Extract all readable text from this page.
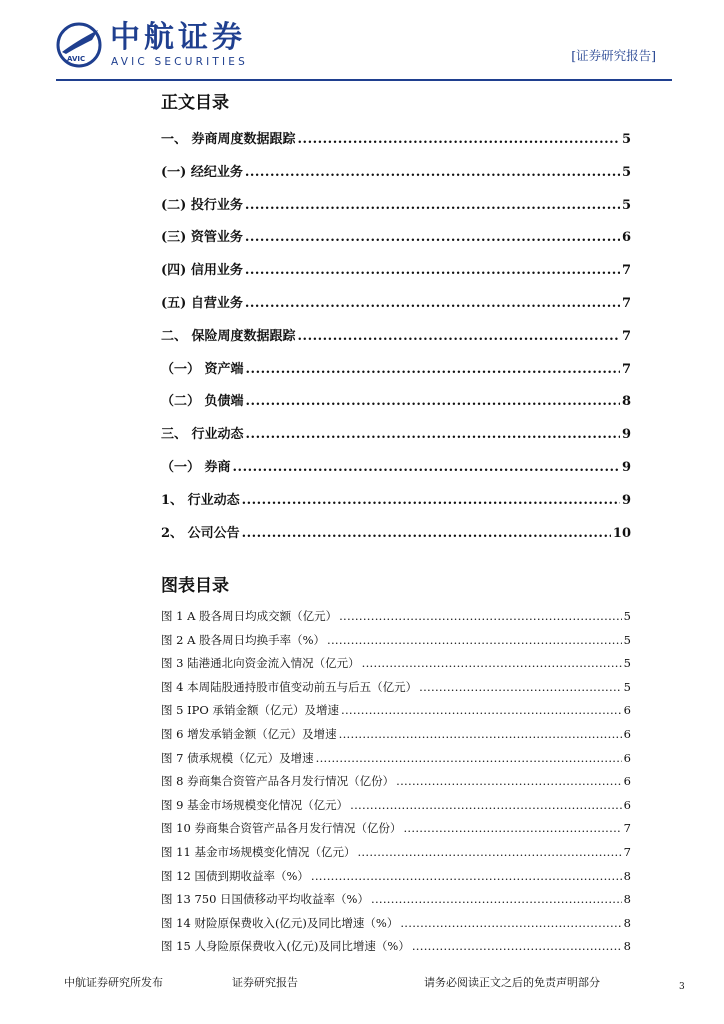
AVIC
中航证券
AVIC SECURITIES	[证券研究报告]
正文目录
一、 券商周度数据跟踪 .....	5
(一) 经纪业务 .....	5
(二) 投行业务 .....	5
(三) 资管业务 .....	6
(四) 信用业务 .....	7
(五) 自营业务 .....	7
二、 保险周度数据跟踪 .....	7
（一） 资产端 .....	7
（二） 负债端 .....	8
三、 行业动态 .....	9
（一） 券商 .....	9
1、 行业动态 .....	9
2、 公司公告 .....	10
图表目录
图 1 A 股各周日均成交额（亿元） .....	5
图 2 A 股各周日均换手率（%） .....	5
图 3 陆港通北向资金流入情况（亿元） .....	5
图 4 本周陆股通持股市值变动前五与后五（亿元） .....	5
图 5 IPO 承销金额（亿元）及增速 .....	6
图 6 增发承销金额（亿元）及增速 .....	6
图 7 债承规模（亿元）及增速 .....	6
图 8 券商集合资管产品各月发行情况（亿份） .....	6
图 9 基金市场规模变化情况（亿元） .....	6
图 10 券商集合资管产品各月发行情况（亿份） .....	7
图 11 基金市场规模变化情况（亿元） .....	7
图 12 国债到期收益率（%） .....	8
图 13 750 日国债移动平均收益率（%） .....	8
图 14 财险原保费收入(亿元)及同比增速（%） .....	8
图 15 人身险原保费收入(亿元)及同比增速（%） .....	8
中航证券研究所发布	证券研究报告	请务必阅读正文之后的免责声明部分	3
